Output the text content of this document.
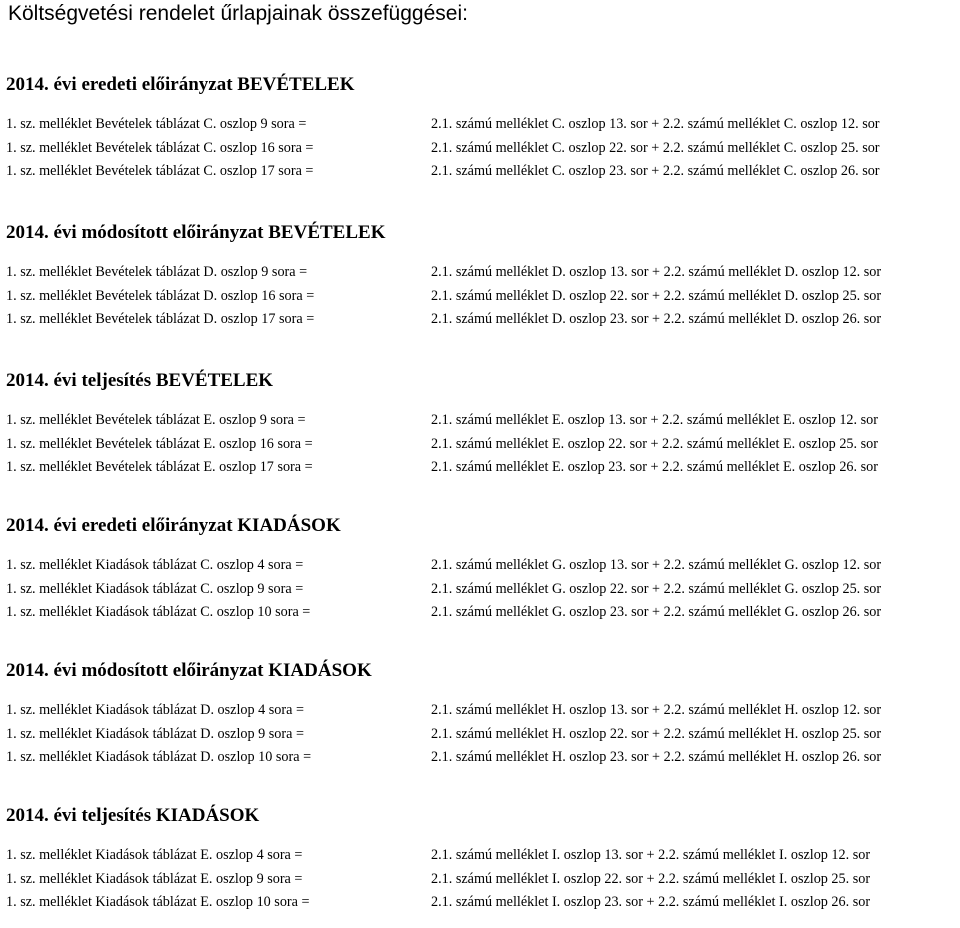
Költségvetési rendelet űrlapjainak összefüggései:
2014. évi eredeti előirányzat BEVÉTELEK
1. sz. melléklet Bevételek táblázat C. oszlop 9 sora =	2.1. számú melléklet C. oszlop 13. sor + 2.2. számú melléklet C. oszlop 12. sor
1. sz. melléklet Bevételek táblázat C. oszlop 16 sora =	2.1. számú melléklet C. oszlop 22. sor + 2.2. számú melléklet C. oszlop 25. sor
1. sz. melléklet Bevételek táblázat C. oszlop 17 sora =	2.1. számú melléklet C. oszlop 23. sor + 2.2. számú melléklet C. oszlop 26. sor
2014. évi módosított előirányzat BEVÉTELEK
1. sz. melléklet Bevételek táblázat D. oszlop 9 sora =	2.1. számú melléklet D. oszlop 13. sor + 2.2. számú melléklet D. oszlop 12. sor
1. sz. melléklet Bevételek táblázat D. oszlop 16 sora =	2.1. számú melléklet D. oszlop 22. sor + 2.2. számú melléklet D. oszlop 25. sor
1. sz. melléklet Bevételek táblázat D. oszlop 17 sora =	2.1. számú melléklet D. oszlop 23. sor + 2.2. számú melléklet D. oszlop 26. sor
2014. évi teljesítés BEVÉTELEK
1. sz. melléklet Bevételek táblázat E. oszlop 9 sora =	2.1. számú melléklet E. oszlop 13. sor + 2.2. számú melléklet E. oszlop 12. sor
1. sz. melléklet Bevételek táblázat E. oszlop 16 sora =	2.1. számú melléklet E. oszlop 22. sor + 2.2. számú melléklet E. oszlop 25. sor
1. sz. melléklet Bevételek táblázat E. oszlop 17 sora =	2.1. számú melléklet E. oszlop 23. sor + 2.2. számú melléklet E. oszlop 26. sor
2014. évi eredeti előirányzat KIADÁSOK
1. sz. melléklet Kiadások táblázat C. oszlop 4 sora =	2.1. számú melléklet G. oszlop 13. sor + 2.2. számú melléklet G. oszlop 12. sor
1. sz. melléklet Kiadások táblázat C. oszlop 9 sora =	2.1. számú melléklet G. oszlop 22. sor + 2.2. számú melléklet G. oszlop 25. sor
1. sz. melléklet Kiadások táblázat C. oszlop 10 sora =	2.1. számú melléklet G. oszlop 23. sor + 2.2. számú melléklet G. oszlop 26. sor
2014. évi módosított előirányzat KIADÁSOK
1. sz. melléklet Kiadások táblázat D. oszlop 4 sora =	2.1. számú melléklet H. oszlop 13. sor + 2.2. számú melléklet H. oszlop 12. sor
1. sz. melléklet Kiadások táblázat D. oszlop 9 sora =	2.1. számú melléklet H. oszlop 22. sor + 2.2. számú melléklet H. oszlop 25. sor
1. sz. melléklet Kiadások táblázat D. oszlop 10 sora =	2.1. számú melléklet H. oszlop 23. sor + 2.2. számú melléklet H. oszlop 26. sor
2014. évi teljesítés KIADÁSOK
1. sz. melléklet Kiadások táblázat E. oszlop 4 sora =	2.1. számú melléklet I. oszlop 13. sor + 2.2. számú melléklet I. oszlop 12. sor
1. sz. melléklet Kiadások táblázat E. oszlop 9 sora =	2.1. számú melléklet I. oszlop 22. sor + 2.2. számú melléklet I. oszlop 25. sor
1. sz. melléklet Kiadások táblázat E. oszlop 10 sora =	2.1. számú melléklet I. oszlop 23. sor + 2.2. számú melléklet I. oszlop 26. sor
